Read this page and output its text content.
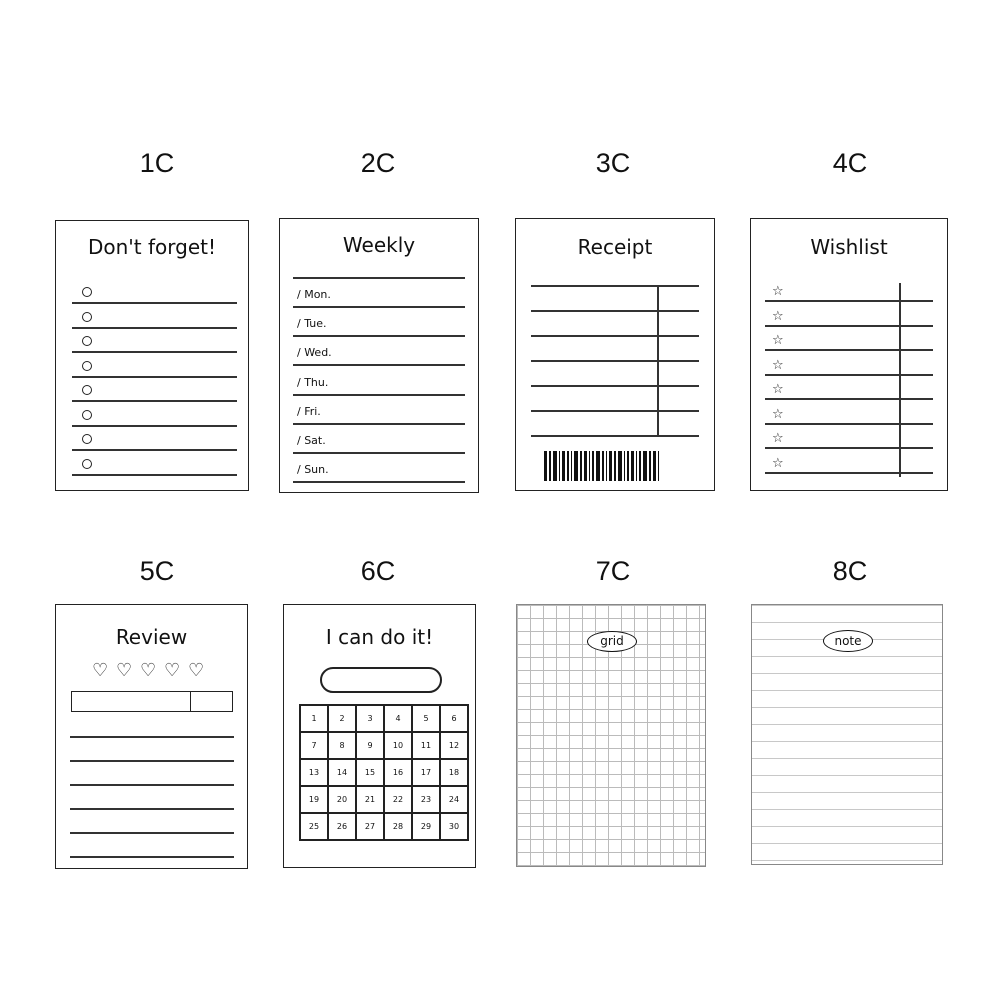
1C	2C	3C	4C
5C	6C	7C	8C
Don't forget!	Weekly
/ Mon.
/ Tue.
/ Wed.
/ Thu.
/ Fri.
/ Sat.
/ Sun.
Receipt	Wishlist
☆
☆
☆
☆
☆
☆
☆
☆
Review
♡ ♡ ♡ ♡ ♡
I can do it!
1	2	3	4	5	6
7	8	9	10	11	12
13	14	15	16	17	18
19	20	21	22	23	24
25	26	27	28	29	30
grid	note
